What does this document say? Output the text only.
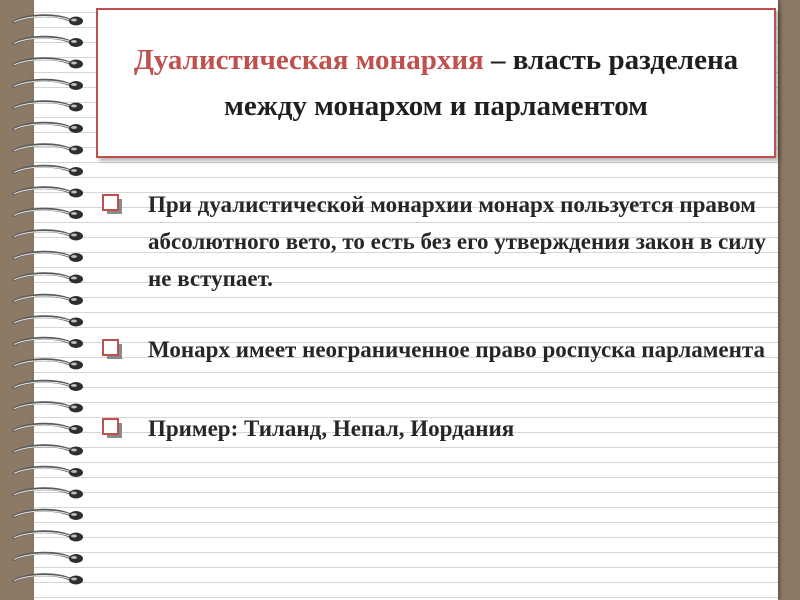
Дуалистическая монархия – власть разделена между монархом и парламентом
При дуалистической монархии монарх пользуется правом абсолютного вето, то есть без его утверждения закон в силу не вступает.
Монарх имеет неограниченное право роспуска парламента
Пример: Тиланд, Непал, Иордания
